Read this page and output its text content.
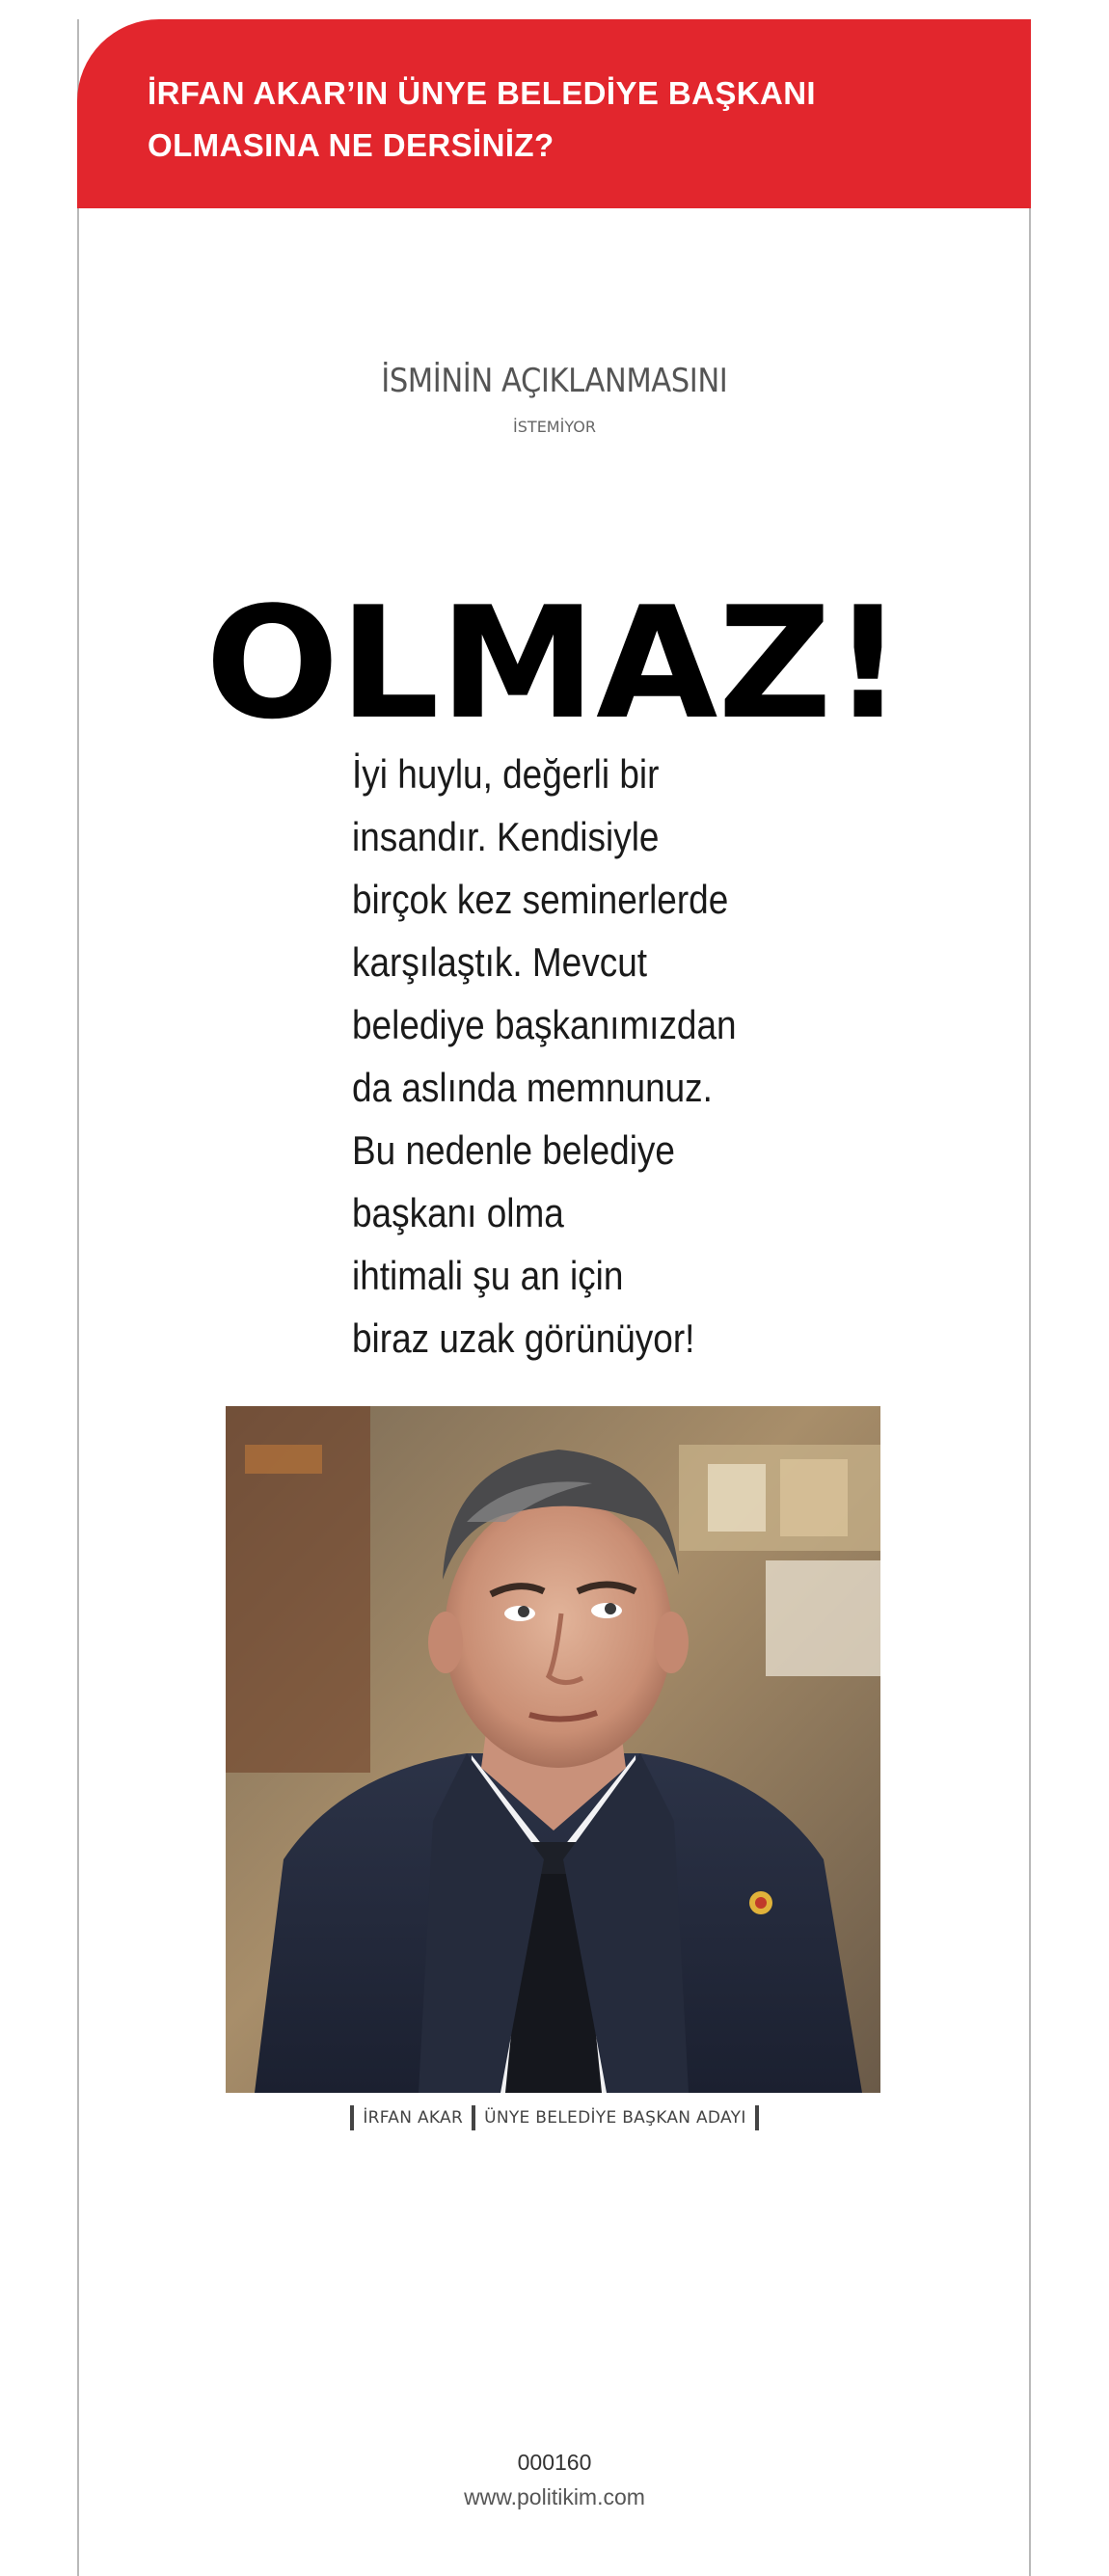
İRFAN AKAR’IN ÜNYE BELEDİYE BAŞKANI
OLMASINA NE DERSİNİZ?
İSMİNİN AÇIKLANMASINI
İSTEMİYOR
OLMAZ!
İyi huylu, değerli bir
insandır. Kendisiyle
birçok kez seminerlerde
karşılaştık. Mevcut
belediye başkanımızdan
da aslında memnunuz.
Bu nedenle belediye
başkanı olma
ihtimali şu an için
biraz uzak görünüyor!
İRFAN AKAR ÜNYE BELEDİYE BAŞKAN ADAYI
000160
www.politikim.com
